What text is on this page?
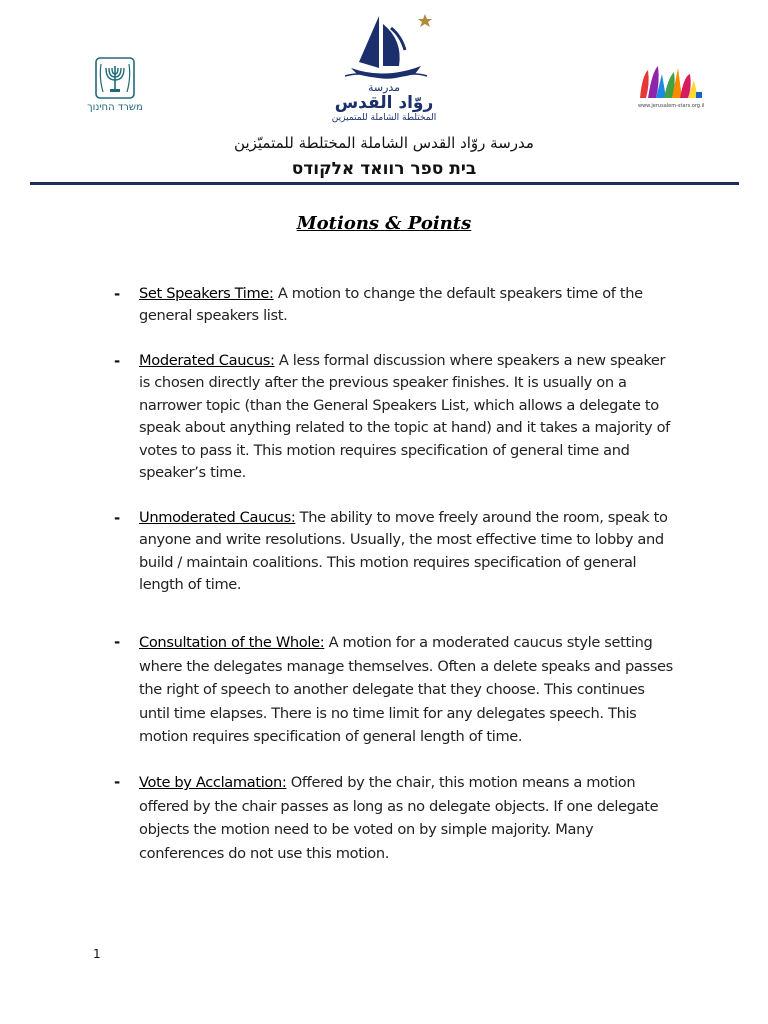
משרד החינוך
مدرسة
روّاد القدس
المختلطة الشاملة للمتميزين
www.jerusalem-stars.org.il
مدرسة روّاد القدس الشاملة المختلطة للمتميّزين
בית ספר רוואד אלקודס
Motions & Points
- Set Speakers Time: A motion to change the default speakers time of the general speakers list.
- Moderated Caucus: A less formal discussion where speakers a new speaker is chosen directly after the previous speaker finishes. It is usually on a narrower topic (than the General Speakers List, which allows a delegate to speak about anything related to the topic at hand) and it takes a majority of votes to pass it. This motion requires specification of general time and speaker’s time.
- Unmoderated Caucus: The ability to move freely around the room, speak to anyone and write resolutions. Usually, the most effective time to lobby and build / maintain coalitions. This motion requires specification of general length of time.
- Consultation of the Whole: A motion for a moderated caucus style setting where the delegates manage themselves. Often a delete speaks and passes the right of speech to another delegate that they choose. This continues until time elapses. There is no time limit for any delegates speech. This motion requires specification of general length of time.
- Vote by Acclamation: Offered by the chair, this motion means a motion offered by the chair passes as long as no delegate objects. If one delegate objects the motion need to be voted on by simple majority. Many conferences do not use this motion.
1
